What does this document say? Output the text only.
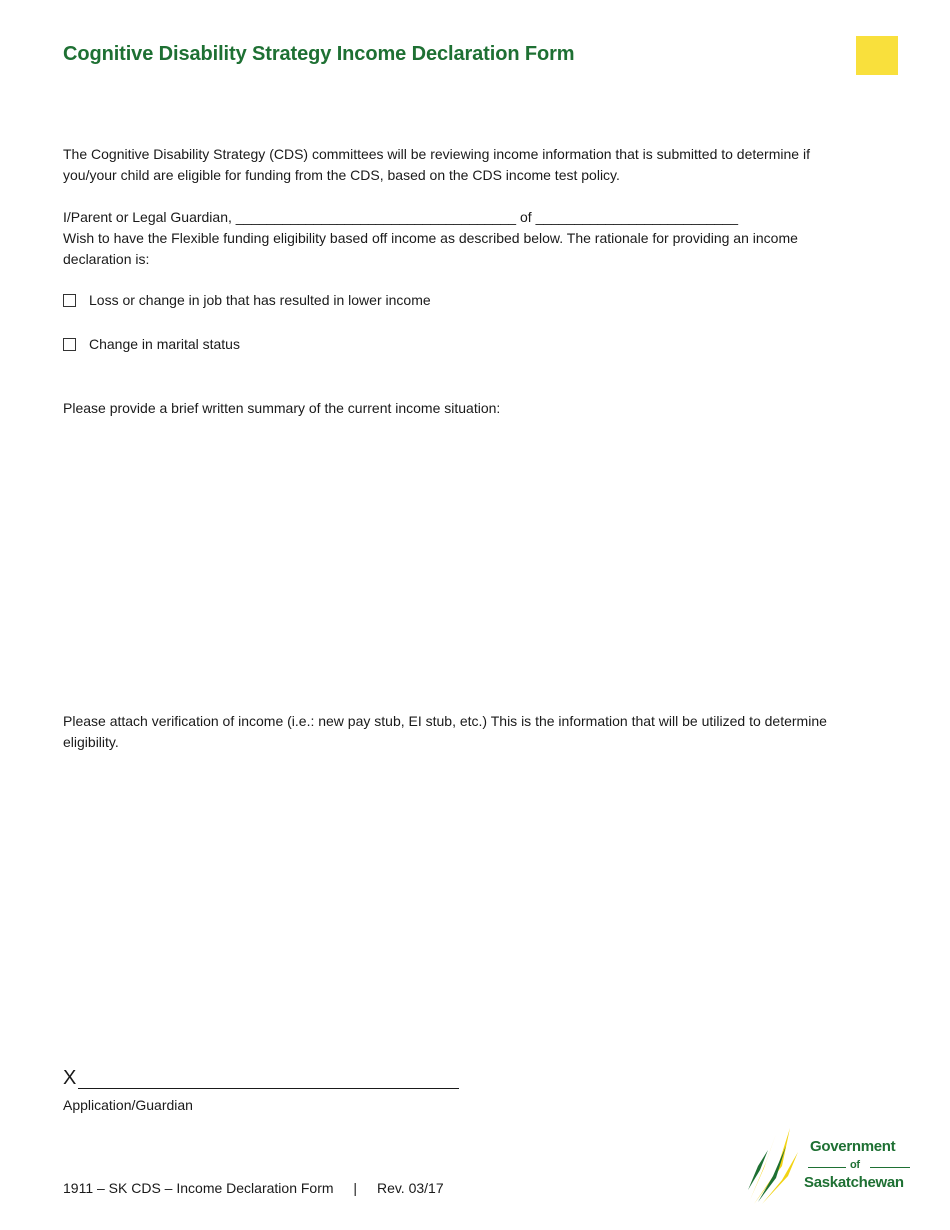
Cognitive Disability Strategy Income Declaration Form
The Cognitive Disability Strategy (CDS) committees will be reviewing income information that is submitted to determine if you/your child are eligible for funding from the CDS, based on the CDS income test policy.
I/Parent or Legal Guardian, ____________________________________ of __________________________
Wish to have the Flexible funding eligibility based off income as described below. The rationale for providing an income declaration is:
Loss or change in job that has resulted in lower income
Change in marital status
Please provide a brief written summary of the current income situation:
Please attach verification of income (i.e.: new pay stub, EI stub, etc.) This is the information that will be utilized to determine eligibility.
X
Application/Guardian
1911 – SK CDS – Income Declaration Form | Rev. 03/17
Government
of
Saskatchewan
